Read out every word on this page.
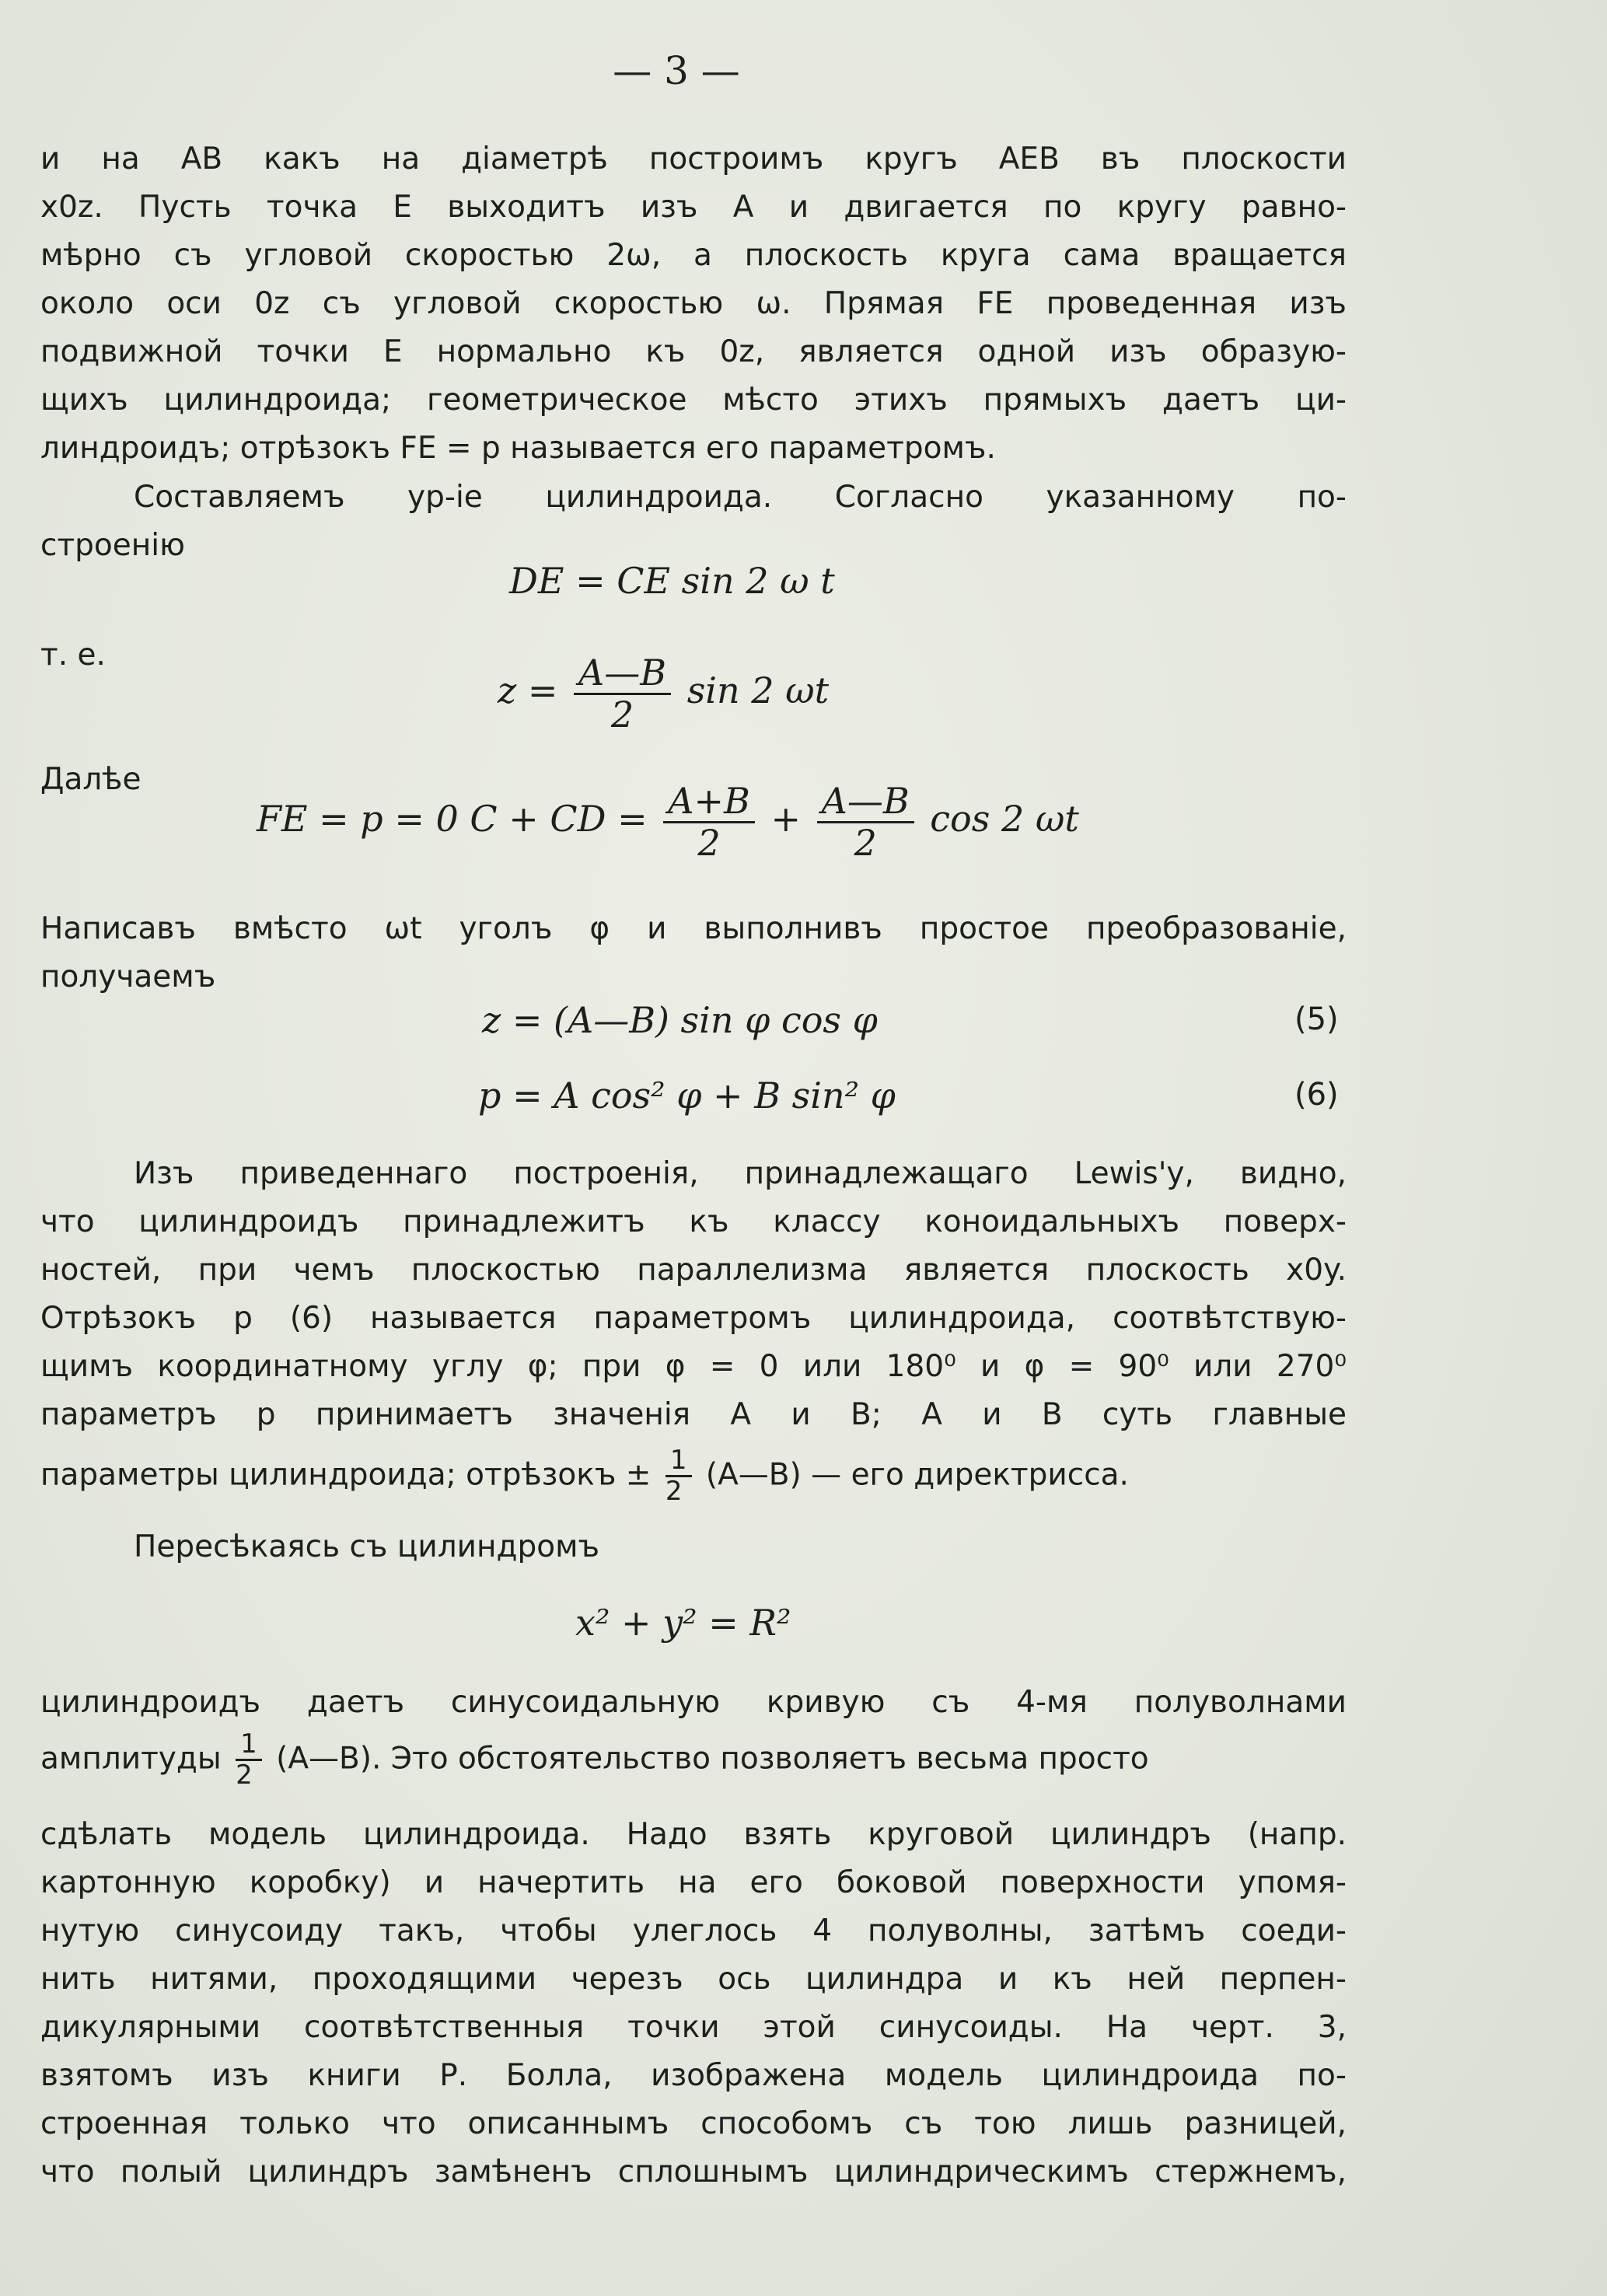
— 3 —
и на AB какъ на діаметрѣ построимъ кругъ AEB въ плоскости
x0z. Пусть точка E выходитъ изъ A и двигается по кругу равно-
мѣрно съ угловой скоростью 2ω, а плоскость круга сама вращается
около оси 0z съ угловой скоростью ω. Прямая FE проведенная изъ
подвижной точки E нормально къ 0z, является одной изъ образую-
щихъ цилиндроида; геометрическое мѣсто этихъ прямыхъ даетъ ци-
линдроидъ; отрѣзокъ FE = p называется его параметромъ.
Составляемъ ур-іе цилиндроида. Согласно указанному по-
строенію
DE = CE sin 2 ω t
т. е.
$z = \frac{A—B}{2}$ sin 2 ωt
Далѣе
FE = p = 0 C + CD = $\frac{A+B}{2} + \frac{A—B}{2}$ cos 2 ωt
Написавъ вмѣсто ωt уголъ φ и выполнивъ простое преобразованіе,
получаемъ
z = (A—B) sin φ cos φ	(5)
p = A cos² φ + B sin² φ	(6)
Изъ приведеннаго построенія, принадлежащаго Lewis'y, видно,
что цилиндроидъ принадлежитъ къ классу коноидальныхъ поверх-
ностей, при чемъ плоскостью параллелизма является плоскость x0y.
Отрѣзокъ p (6) называется параметромъ цилиндроида, соотвѣтствую-
щимъ координатному углу φ; при φ = 0 или 180⁰ и φ = 90⁰ или 270⁰
параметръ p принимаетъ значенія A и B; A и B суть главные
параметры цилиндроида; отрѣзокъ ± $\frac{1}{2}$ (A—B) — его директрисса.
Пересѣкаясь съ цилиндромъ
x² + y² = R²
цилиндроидъ даетъ синусоидальную кривую съ 4-мя полуволнами
амплитуды $\frac{1}{2}$ (A—B). Это обстоятельство позволяетъ весьма просто
сдѣлать модель цилиндроида. Надо взять круговой цилиндръ (напр.
картонную коробку) и начертить на его боковой поверхности упомя-
нутую синусоиду такъ, чтобы улеглось 4 полуволны, затѣмъ соеди-
нить нитями, проходящими черезъ ось цилиндра и къ ней перпен-
дикулярными соотвѣтственныя точки этой синусоиды. На черт. 3,
взятомъ изъ книги Р. Болла, изображена модель цилиндроида по-
строенная только что описаннымъ способомъ съ тою лишь разницей,
что полый цилиндръ замѣненъ сплошнымъ цилиндрическимъ стержнемъ,
